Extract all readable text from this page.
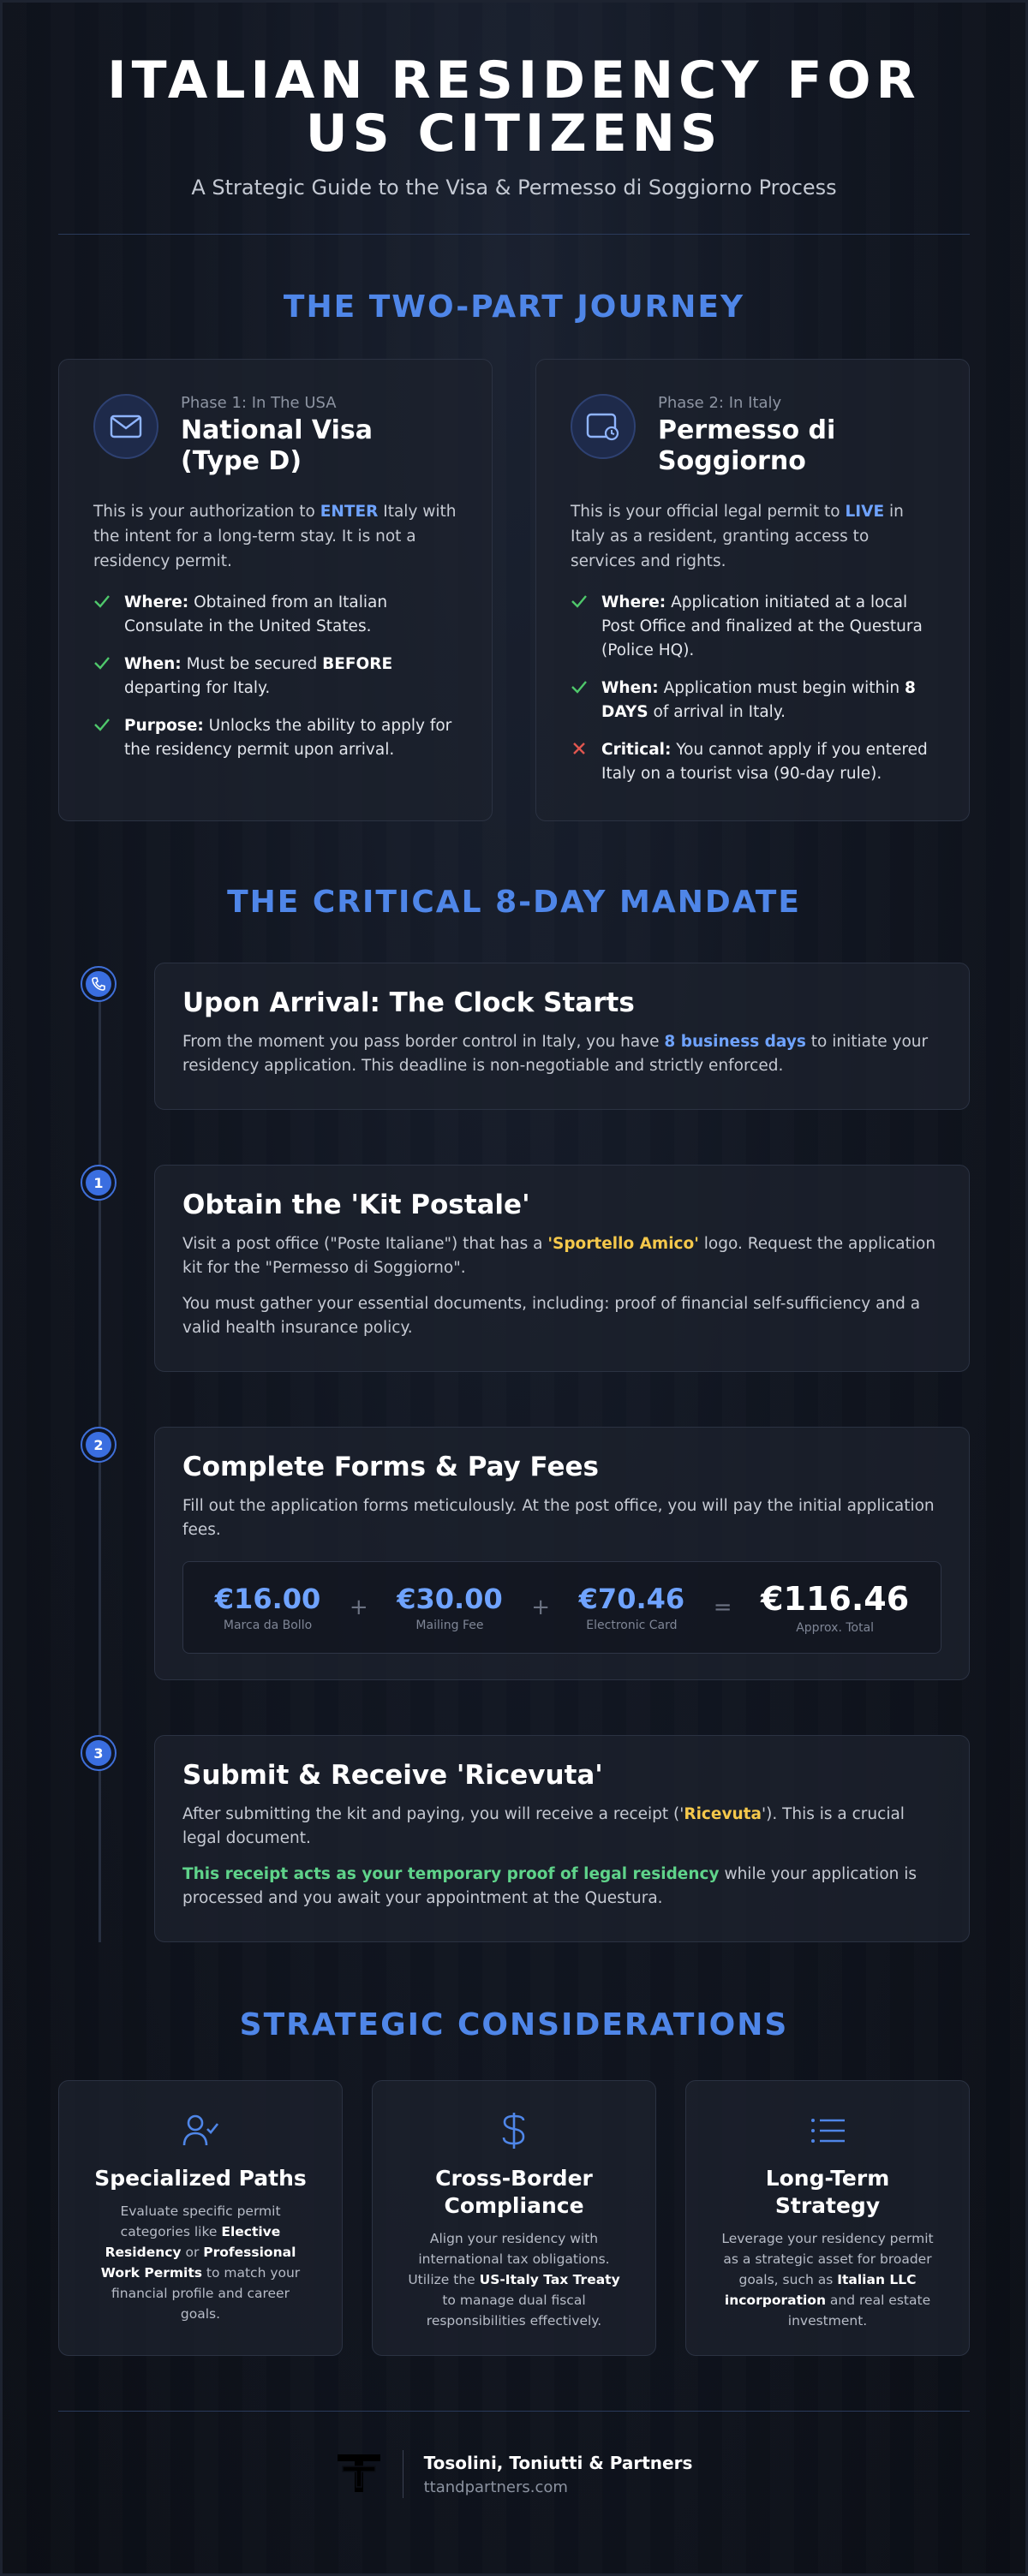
ITALIAN RESIDENCY FOR US CITIZENS
A Strategic Guide to the Visa & Permesso di Soggiorno Process
THE TWO-PART JOURNEY
Phase 1: In The USA
National Visa (Type D)

This is your authorization to ENTER Italy with the intent for a long-term stay. It is not a residency permit.

Where: Obtained from an Italian Consulate in the United States.
When: Must be secured BEFORE departing for Italy.
Purpose: Unlocks the ability to apply for the residency permit upon arrival.
Phase 2: In Italy
Permesso di Soggiorno

This is your official legal permit to LIVE in Italy as a resident, granting access to services and rights.

Where: Application initiated at a local Post Office and finalized at the Questura (Police HQ).
When: Application must begin within 8 DAYS of arrival in Italy.
Critical: You cannot apply if you entered Italy on a tourist visa (90-day rule).
THE CRITICAL 8-DAY MANDATE
Upon Arrival: The Clock Starts

From the moment you pass border control in Italy, you have 8 business days to initiate your residency application. This deadline is non-negotiable and strictly enforced.

1
Obtain the 'Kit Postale'

Visit a post office ("Poste Italiane") that has a 'Sportello Amico' logo. Request the application kit for the "Permesso di Soggiorno".

You must gather your essential documents, including: proof of financial self-sufficiency and a valid health insurance policy.

2
Complete Forms & Pay Fees

Fill out the application forms meticulously. At the post office, you will pay the initial application fees.

€16.00
Marca da Bollo
+ €30.00
Mailing Fee
+ €70.46
Electronic Card
= €116.46
Approx. Total
3
Submit & Receive 'Ricevuta'

After submitting the kit and paying, you will receive a receipt ('Ricevuta'). This is a crucial legal document.

This receipt acts as your temporary proof of legal residency while your application is processed and you await your appointment at the Questura.

STRATEGIC CONSIDERATIONS
Specialized Paths

Evaluate specific permit categories like Elective Residency or Professional Work Permits to match your financial profile and career goals.

Cross-Border Compliance

Align your residency with international tax obligations. Utilize the US-Italy Tax Treaty to manage dual fiscal responsibilities effectively.

Long-Term Strategy

Leverage your residency permit as a strategic asset for broader goals, such as Italian LLC incorporation and real estate investment.

Tosolini, Toniutti & Partners
ttandpartners.com
